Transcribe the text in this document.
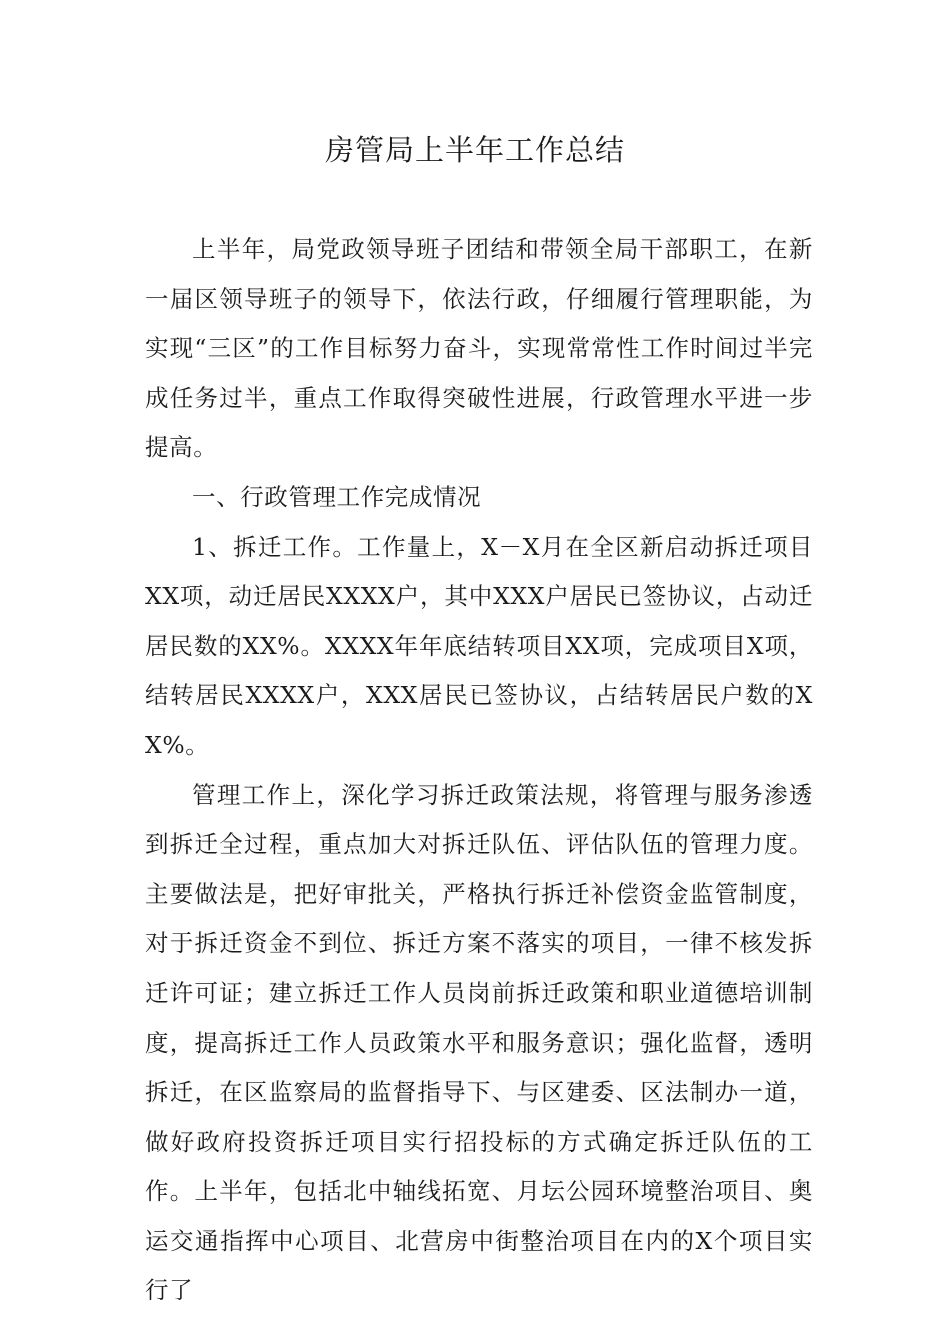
房管局上半年工作总结

上半年，局党政领导班子团结和带领全局干部职工，在新一届区领导班子的领导下，依法行政，仔细履行管理职能，为实现“三区”的工作目标努力奋斗，实现常常性工作时间过半完成任务过半，重点工作取得突破性进展，行政管理水平进一步提高。

一、行政管理工作完成情况

1、拆迁工作。工作量上，X－X月在全区新启动拆迁项目XX项，动迁居民XXXX户，其中XXX户居民已签协议，占动迁居民数的XX%。XXXX年年底结转项目XX项，完成项目X项，结转居民XXXX户，XXX居民已签协议，占结转居民户数的XX%。

管理工作上，深化学习拆迁政策法规，将管理与服务渗透到拆迁全过程，重点加大对拆迁队伍、评估队伍的管理力度。主要做法是，把好审批关，严格执行拆迁补偿资金监管制度，对于拆迁资金不到位、拆迁方案不落实的项目，一律不核发拆迁许可证；建立拆迁工作人员岗前拆迁政策和职业道德培训制度，提高拆迁工作人员政策水平和服务意识；强化监督，透明拆迁，在区监察局的监督指导下、与区建委、区法制办一道，做好政府投资拆迁项目实行招投标的方式确定拆迁队伍的工作。上半年，包括北中轴线拓宽、月坛公园环境整治项目、奥运交通指挥中心项目、北营房中街整治项目在内的X个项目实行了
